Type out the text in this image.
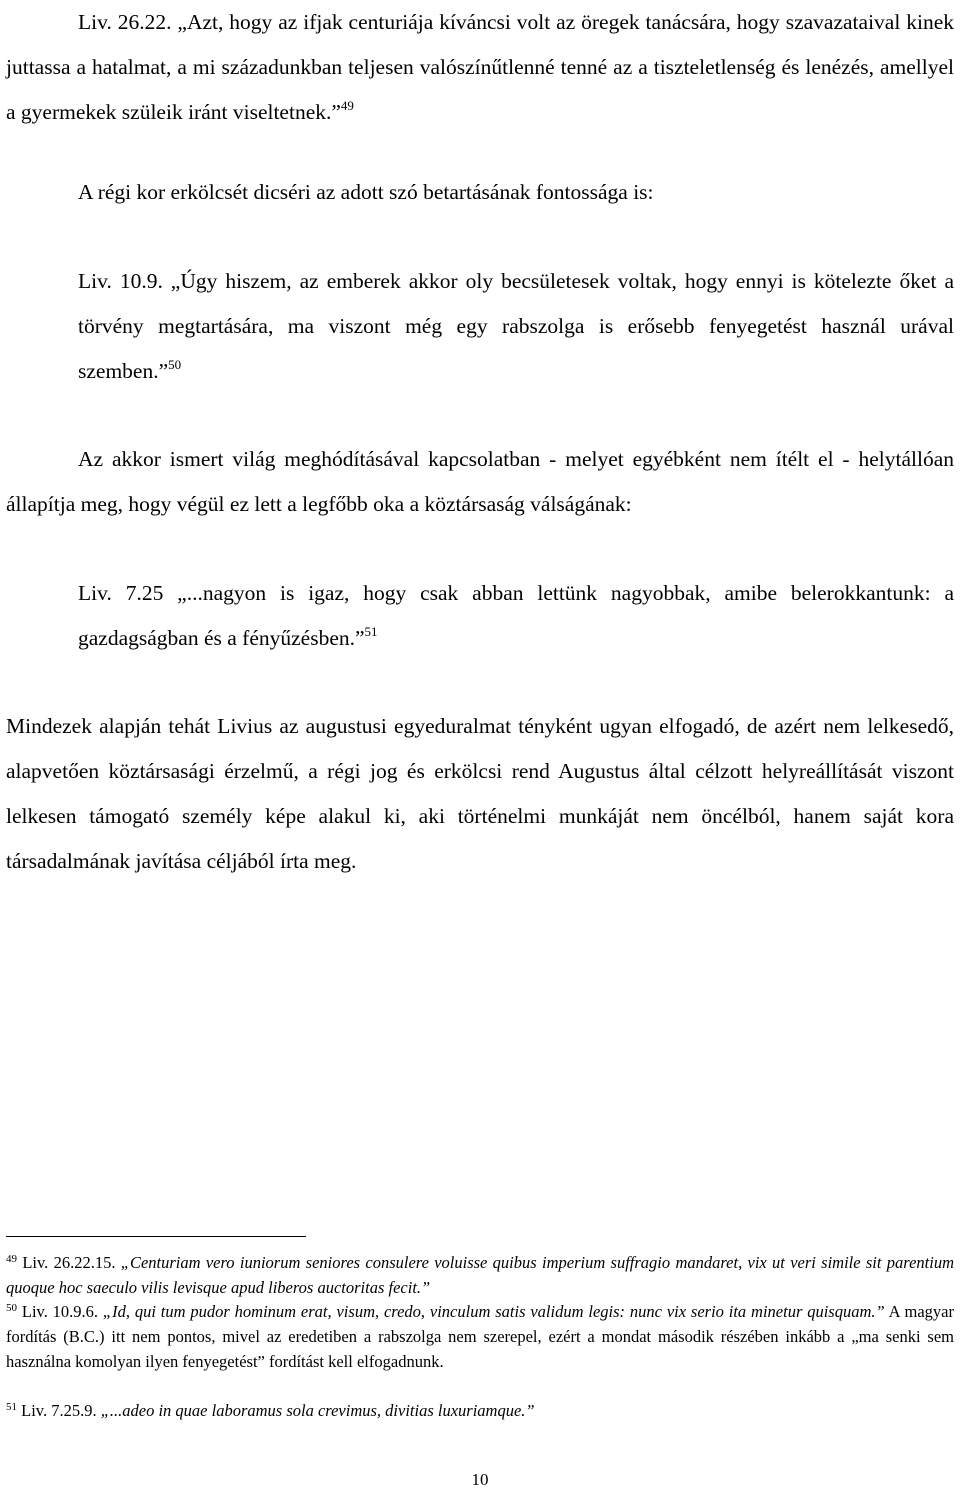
Liv. 26.22. „Azt, hogy az ifjak centuriája kíváncsi volt az öregek tanácsára, hogy szavazataival kinek juttassa a hatalmat, a mi századunkban teljesen valószínűtlenné tenné az a tiszteletlenség és lenézés, amellyel a gyermekek szüleik iránt viseltetnek.”$^{49}$

A régi kor erkölcsét dicséri az adott szó betartásának fontossága is:

Liv. 10.9. „Úgy hiszem, az emberek akkor oly becsületesek voltak, hogy ennyi is kötelezte őket a törvény megtartására, ma viszont még egy rabszolga is erősebb fenyegetést használ urával szemben.”$^{50}$

Az akkor ismert világ meghódításával kapcsolatban - melyet egyébként nem ítélt el - helytállóan állapítja meg, hogy végül ez lett a legfőbb oka a köztársaság válságának:

Liv. 7.25 „...nagyon is igaz, hogy csak abban lettünk nagyobbak, amibe belerokkantunk: a gazdagságban és a fényűzésben.”$^{51}$

Mindezek alapján tehát Livius az augustusi egyeduralmat tényként ugyan elfogadó, de azért nem lelkesedő, alapvetően köztársasági érzelmű, a régi jog és erkölcsi rend Augustus által célzott helyreállítását viszont lelkesen támogató személy képe alakul ki, aki történelmi munkáját nem öncélból, hanem saját kora társadalmának javítása céljából írta meg.

$^{49}$ Liv. 26.22.15. „Centuriam vero iuniorum seniores consulere voluisse quibus imperium suffragio mandaret, vix ut veri simile sit parentium quoque hoc saeculo vilis levisque apud liberos auctoritas fecit.”

$^{50}$ Liv. 10.9.6. „Id, qui tum pudor hominum erat, visum, credo, vinculum satis validum legis: nunc vix serio ita minetur quisquam.” A magyar fordítás (B.C.) itt nem pontos, mivel az eredetiben a rabszolga nem szerepel, ezért a mondat második részében inkább a „ma senki sem használna komolyan ilyen fenyegetést” fordítást kell elfogadnunk.

$^{51}$ Liv. 7.25.9. „...adeo in quae laboramus sola crevimus, divitias luxuriamque.”

10
